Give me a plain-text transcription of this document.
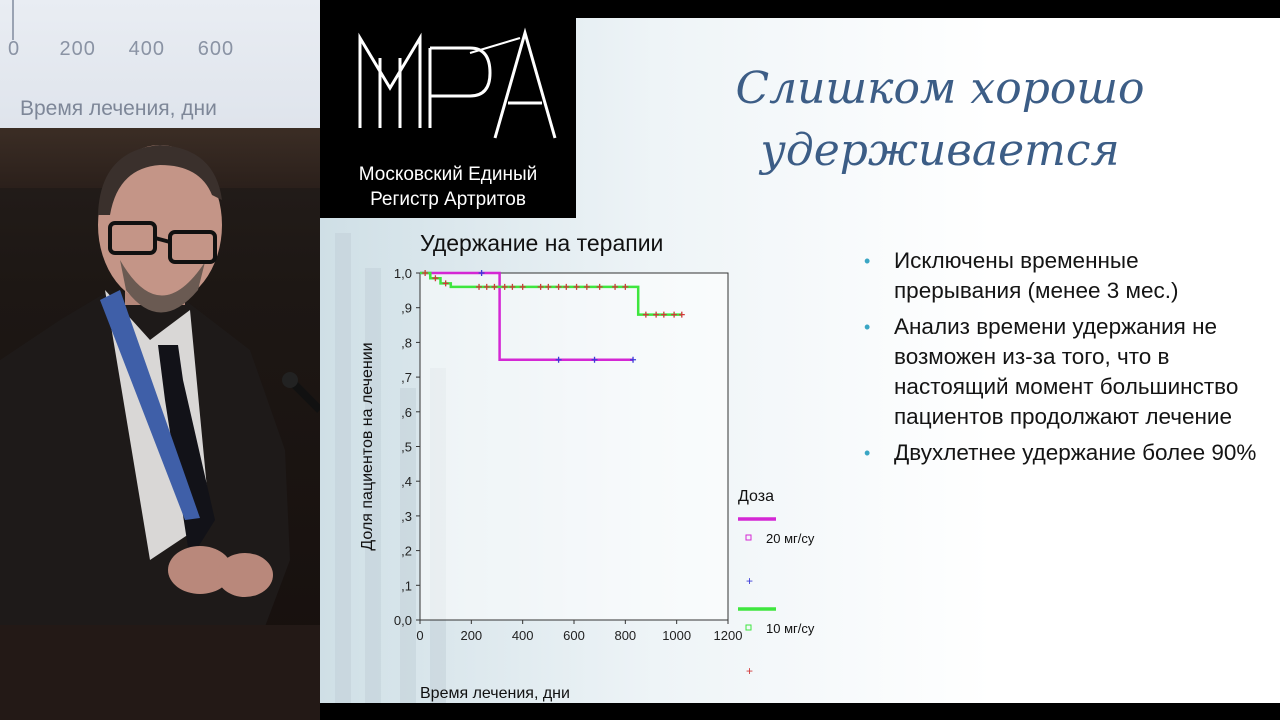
0      200     400     600
Время лечения, дни
Московский Единый
Регистр Артритов
Слишком хорошо
удерживается
• Исключены временные прерывания (менее 3 мес.)
• Анализ времени удержания не возможен из-за того, что в настоящий момент большинство пациентов продолжают лечение
• Двухлетнее удержание более 90%
Удержание на терапии
0,0
,1
,2
,3
,4
,5
,6
,7
,8
,9
1,0
0	200 400 600 800 1000 1200
Время лечения, дни
Доля пациентов на лечении	Доза
20 мг/су
+
10 мг/су
+
